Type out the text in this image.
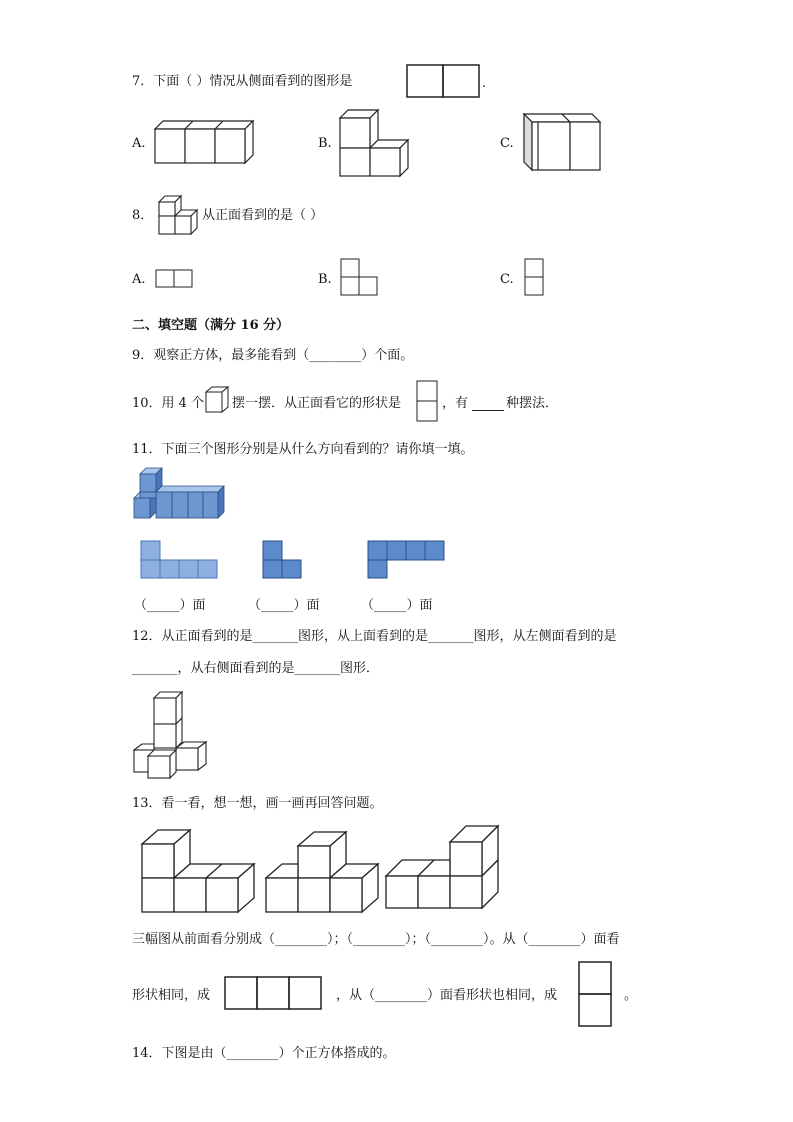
7．下面（ ）情况从侧面看到的图形是	.
A.	B.	C.
8．	从正面看到的是（ ）
A.	B.	C.
二、填空题（满分 16 分）
9．观察正方体，最多能看到（________）个面。
10．用 4 个 摆一摆．从正面看它的形状是	，有	种摆法．
11．下面三个图形分别是从什么方向看到的？请你填一填。
（_____）面	（_____）面	（_____）面
12．从正面看到的是_______图形，从上面看到的是_______图形，从左侧面看到的是
_______，从右侧面看到的是_______图形．
13．看一看，想一想，画一画再回答问题。
三幅图从前面看分别成（________）；（________）；（________）。从（________）面看
形状相同，成	，从（________）面看形状也相同，成	。
14．下图是由（________）个正方体搭成的。
